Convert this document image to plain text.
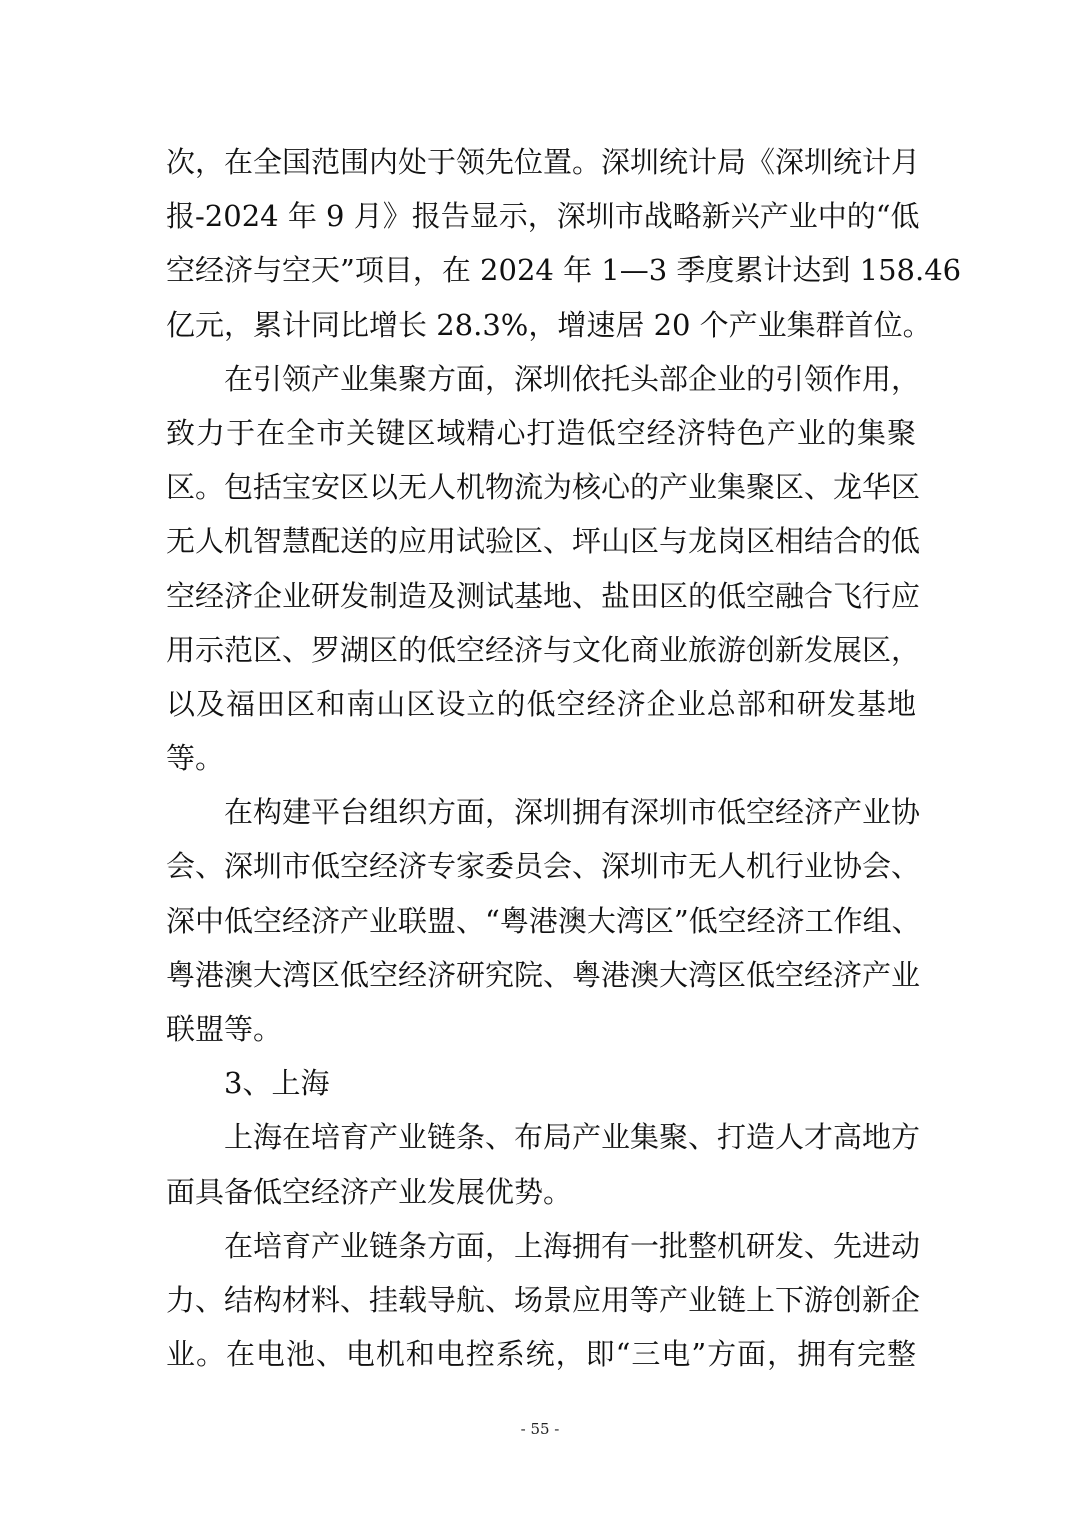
次，在全国范围内处于领先位置。深圳统计局《深圳统计月
报-2024 年 9 月》报告显示，深圳市战略新兴产业中的“低
空经济与空天”项目，在 2024 年 1—3 季度累计达到 158.46
亿元，累计同比增长 28.3%，增速居 20 个产业集群首位。
在引领产业集聚方面，深圳依托头部企业的引领作用，
致力于在全市关键区域精心打造低空经济特色产业的集聚
区。包括宝安区以无人机物流为核心的产业集聚区、龙华区
无人机智慧配送的应用试验区、坪山区与龙岗区相结合的低
空经济企业研发制造及测试基地、盐田区的低空融合飞行应
用示范区、罗湖区的低空经济与文化商业旅游创新发展区，
以及福田区和南山区设立的低空经济企业总部和研发基地
等。
在构建平台组织方面，深圳拥有深圳市低空经济产业协
会、深圳市低空经济专家委员会、深圳市无人机行业协会、
深中低空经济产业联盟、“粤港澳大湾区”低空经济工作组、
粤港澳大湾区低空经济研究院、粤港澳大湾区低空经济产业
联盟等。
3、上海
上海在培育产业链条、布局产业集聚、打造人才高地方
面具备低空经济产业发展优势。
在培育产业链条方面，上海拥有一批整机研发、先进动
力、结构材料、挂载导航、场景应用等产业链上下游创新企
业。在电池、电机和电控系统，即“三电”方面，拥有完整
- 55 -
